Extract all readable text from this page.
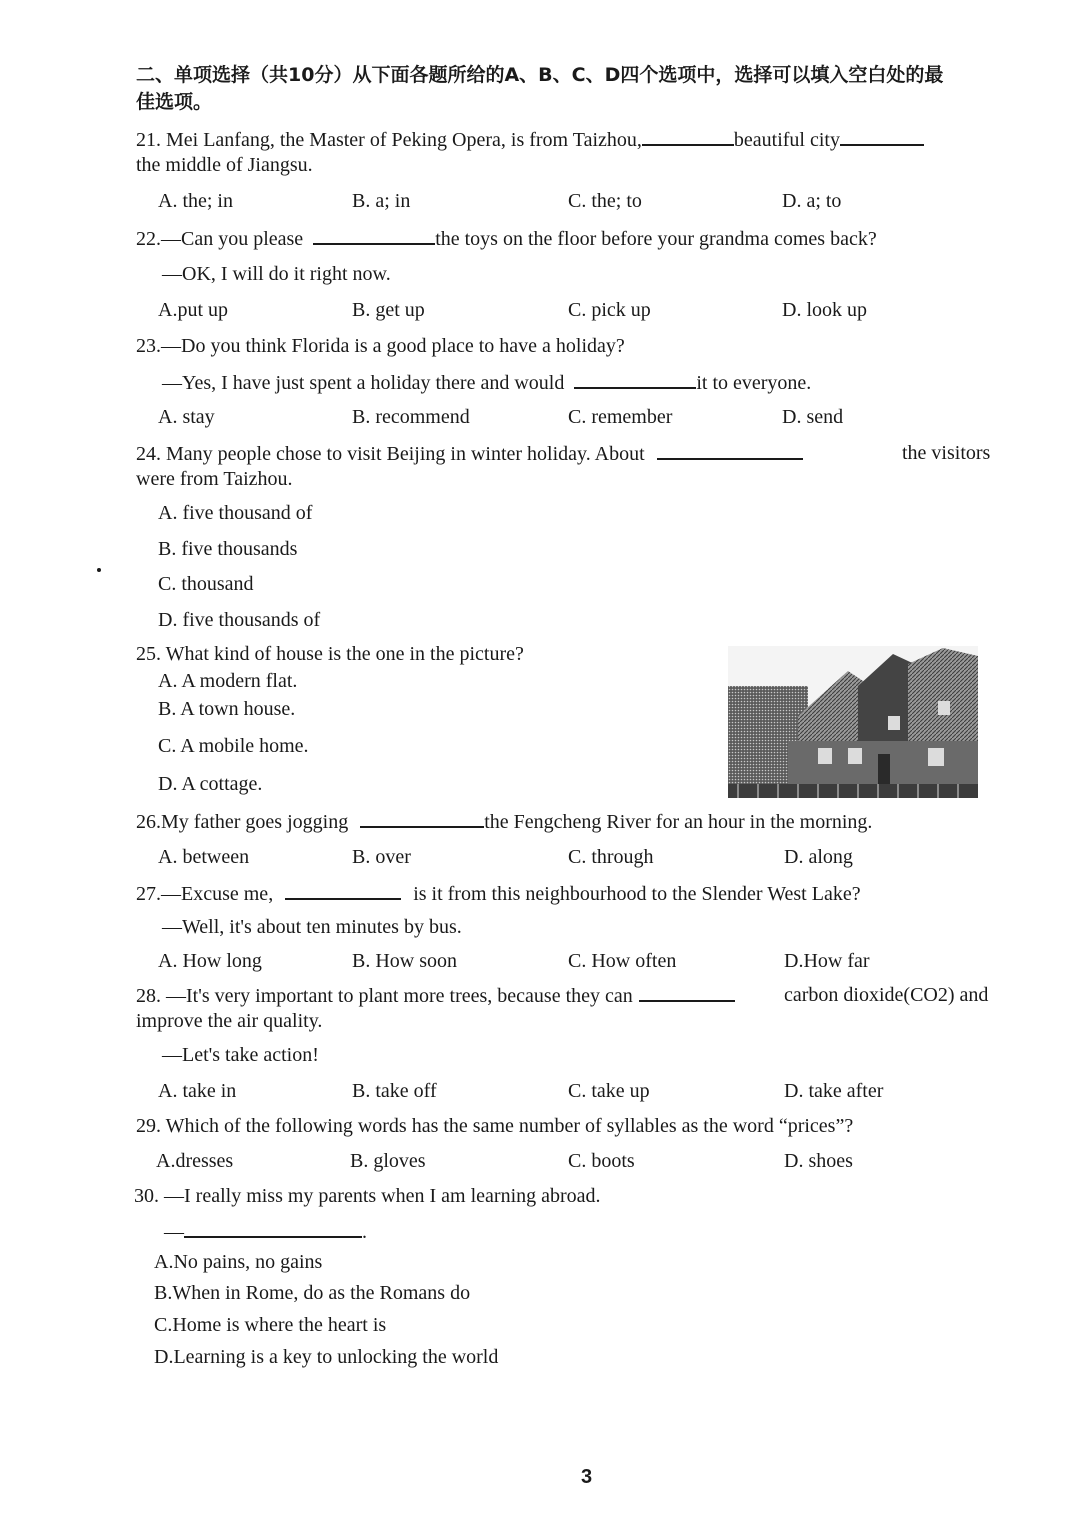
二、单项选择（共10分）从下面各题所给的A、B、C、D四个选项中，选择可以填入空白处的最
佳选项。
21. Mei Lanfang, the Master of Peking Opera, is from Taizhou,	beautiful city
the middle of Jiangsu.
A. the; in	B. a; in	C. the; to	D. a; to
22.—Can you please	the toys on the floor before your grandma comes back?
—OK, I will do it right now.
A.put up	B. get up	C. pick up	D. look up
23.—Do you think Florida is a good place to have a holiday?
—Yes, I have just spent a holiday there and would	it to everyone.
A. stay	B. recommend	C. remember	D. send
24. Many people chose to visit Beijing in winter holiday. About	the visitors
were from Taizhou.
A. five thousand of
B. five thousands
C. thousand
D. five thousands of
25. What kind of house is the one in the picture?
A. A modern flat.
B. A town house.
C. A mobile home.
D. A cottage.
26.My father goes jogging	the Fengcheng River for an hour in the morning.
A. between	B. over	C. through	D. along
27.—Excuse me,	is it from this neighbourhood to the Slender West Lake?
—Well, it's about ten minutes by bus.
A. How long	B. How soon	C. How often	D.How far
28. —It's very important to plant more trees, because they can	carbon dioxide(CO2) and
improve the air quality.
—Let's take action!
A. take in	B. take off	C. take up	D. take after
29. Which of the following words has the same number of syllables as the word “prices”?
A.dresses	B. gloves	C. boots	D. shoes
30. —I really miss my parents when I am learning abroad.
—	.
A.No pains, no gains
B.When in Rome, do as the Romans do
C.Home is where the heart is
D.Learning is a key to unlocking the world
3
